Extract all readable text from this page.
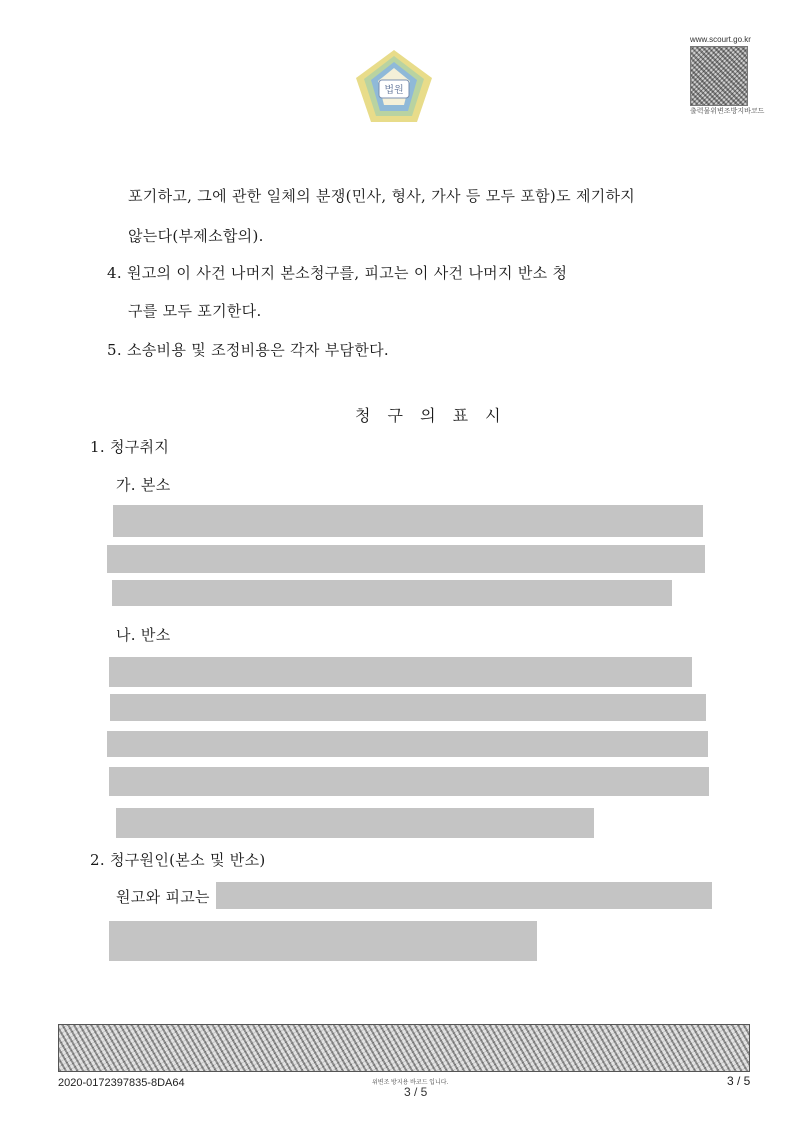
법원
www.scourt.go.kr
출력물위변조방지바코드
포기하고, 그에 관한 일체의 분쟁(민사, 형사, 가사 등 모두 포함)도 제기하지
않는다(부제소합의).
4. 원고의 이 사건 나머지 본소청구를, 피고는 이 사건 나머지 반소 청
구를 모두 포기한다.
5. 소송비용 및 조정비용은 각자 부담한다.
청 구 의 표 시
1. 청구취지
가. 본소
나. 반소
2. 청구원인(본소 및 반소)
원고와 피고는
2020-0172397835-8DA64	위변조 방지용 바코드 입니다.
3 / 5
3 / 5
